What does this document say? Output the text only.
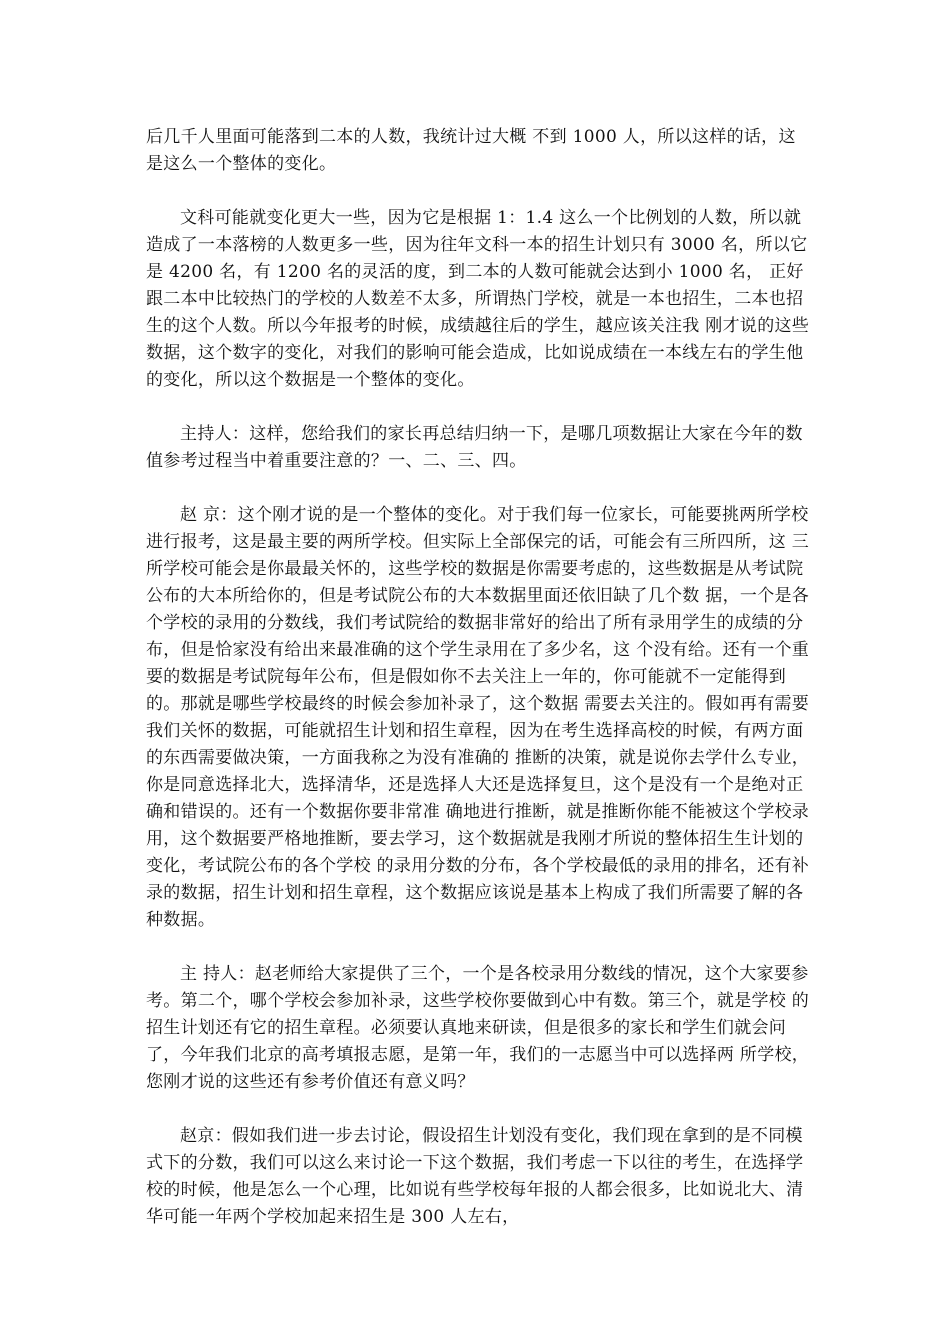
后几千人里面可能落到二本的人数，我统计过大概 不到 1000 人，所以这样的话，这是这么一个整体的变化。

文科可能就变化更大一些，因为它是根据 1：1.4 这么一个比例划的人数，所以就造成了一本落榜的人数更多一些，因为往年文科一本的招生计划只有 3000 名，所以它是 4200 名，有 1200 名的灵活的度，到二本的人数可能就会达到小 1000 名， 正好跟二本中比较热门的学校的人数差不太多，所谓热门学校，就是一本也招生，二本也招生的这个人数。所以今年报考的时候，成绩越往后的学生，越应该关注我 刚才说的这些数据，这个数字的变化，对我们的影响可能会造成，比如说成绩在一本线左右的学生他的变化，所以这个数据是一个整体的变化。

主持人：这样，您给我们的家长再总结归纳一下，是哪几项数据让大家在今年的数值参考过程当中着重要注意的？一、二、三、四。

赵 京：这个刚才说的是一个整体的变化。对于我们每一位家长，可能要挑两所学校进行报考，这是最主要的两所学校。但实际上全部保完的话，可能会有三所四所，这 三所学校可能会是你最最关怀的，这些学校的数据是你需要考虑的，这些数据是从考试院公布的大本所给你的，但是考试院公布的大本数据里面还依旧缺了几个数 据，一个是各个学校的录用的分数线，我们考试院给的数据非常好的给出了所有录用学生的成绩的分布，但是恰家没有给出来最准确的这个学生录用在了多少名，这 个没有给。还有一个重要的数据是考试院每年公布，但是假如你不去关注上一年的，你可能就不一定能得到的。那就是哪些学校最终的时候会参加补录了，这个数据 需要去关注的。假如再有需要我们关怀的数据，可能就招生计划和招生章程，因为在考生选择高校的时候，有两方面的东西需要做决策，一方面我称之为没有准确的 推断的决策，就是说你去学什么专业，你是同意选择北大，选择清华，还是选择人大还是选择复旦，这个是没有一个是绝对正确和错误的。还有一个数据你要非常准 确地进行推断，就是推断你能不能被这个学校录用，这个数据要严格地推断，要去学习，这个数据就是我刚才所说的整体招生生计划的变化，考试院公布的各个学校 的录用分数的分布，各个学校最低的录用的排名，还有补录的数据，招生计划和招生章程，这个数据应该说是基本上构成了我们所需要了解的各种数据。

主 持人：赵老师给大家提供了三个，一个是各校录用分数线的情况，这个大家要参考。第二个，哪个学校会参加补录，这些学校你要做到心中有数。第三个，就是学校 的招生计划还有它的招生章程。必须要认真地来研读，但是很多的家长和学生们就会问了，今年我们北京的高考填报志愿，是第一年，我们的一志愿当中可以选择两 所学校，您刚才说的这些还有参考价值还有意义吗？

赵京：假如我们进一步去讨论，假设招生计划没有变化，我们现在拿到的是不同模式下的分数，我们可以这么来讨论一下这个数据，我们考虑一下以往的考生，在选择学校的时候，他是怎么一个心理，比如说有些学校每年报的人都会很多，比如说北大、清华可能一年两个学校加起来招生是 300 人左右，
